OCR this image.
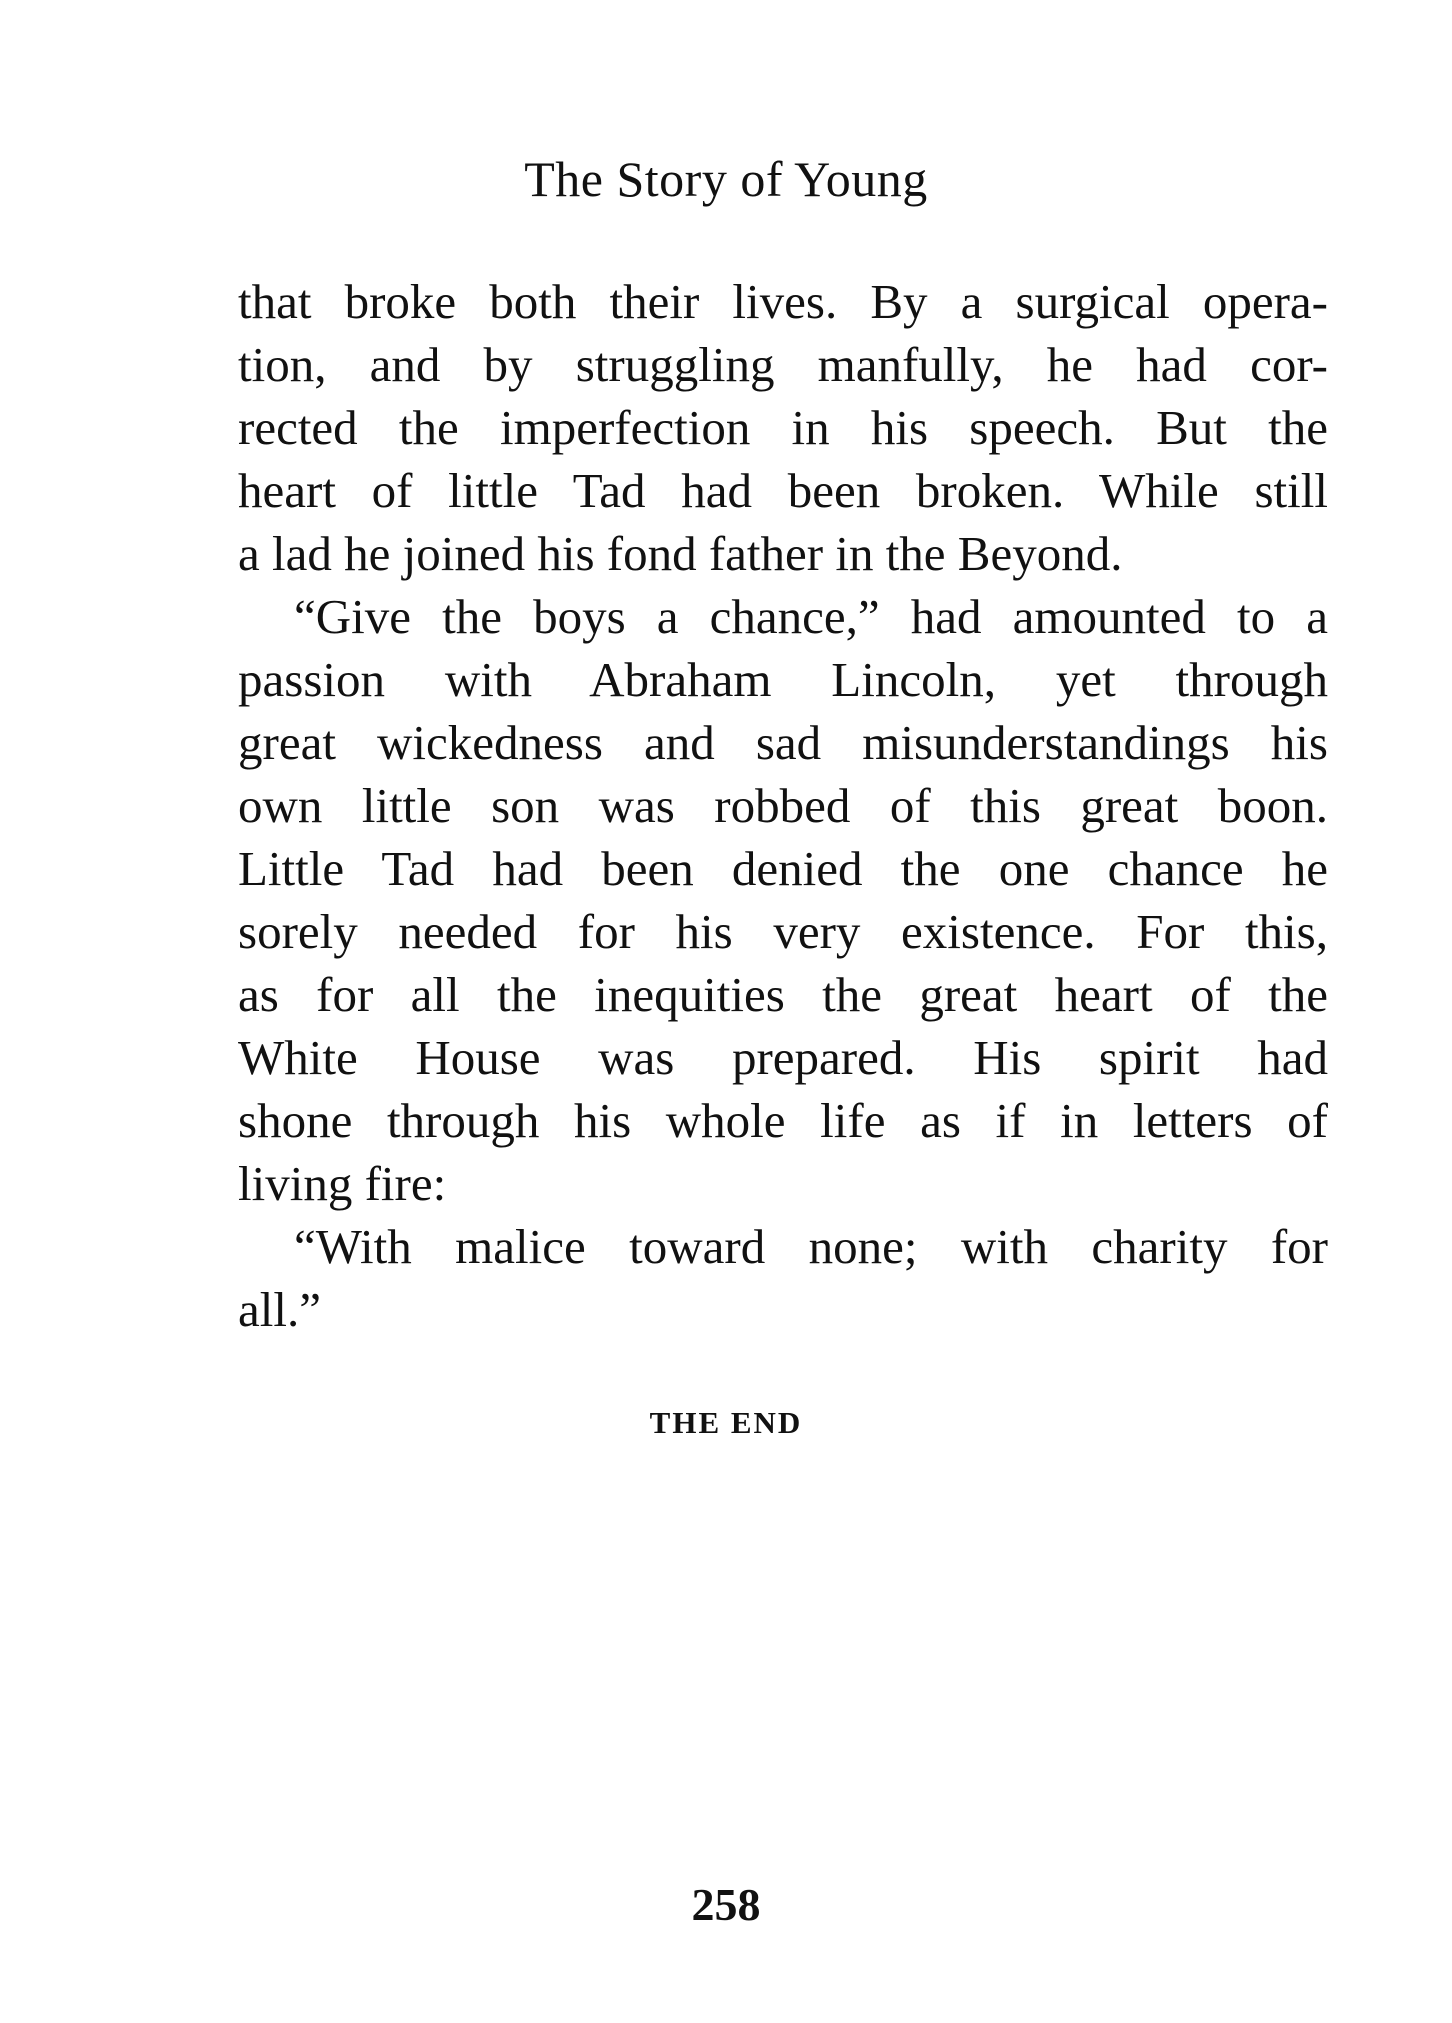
The Story of Young
that broke both their lives. By a surgical opera-
tion, and by struggling manfully, he had cor-
rected the imperfection in his speech. But the
heart of little Tad had been broken. While still
a lad he joined his fond father in the Beyond.
“Give the boys a chance,” had amounted to a
passion with Abraham Lincoln, yet through
great wickedness and sad misunderstandings his
own little son was robbed of this great boon.
Little Tad had been denied the one chance he
sorely needed for his very existence. For this,
as for all the inequities the great heart of the
White House was prepared. His spirit had
shone through his whole life as if in letters of
living fire:
“With malice toward none; with charity for
all.”
THE END
258
